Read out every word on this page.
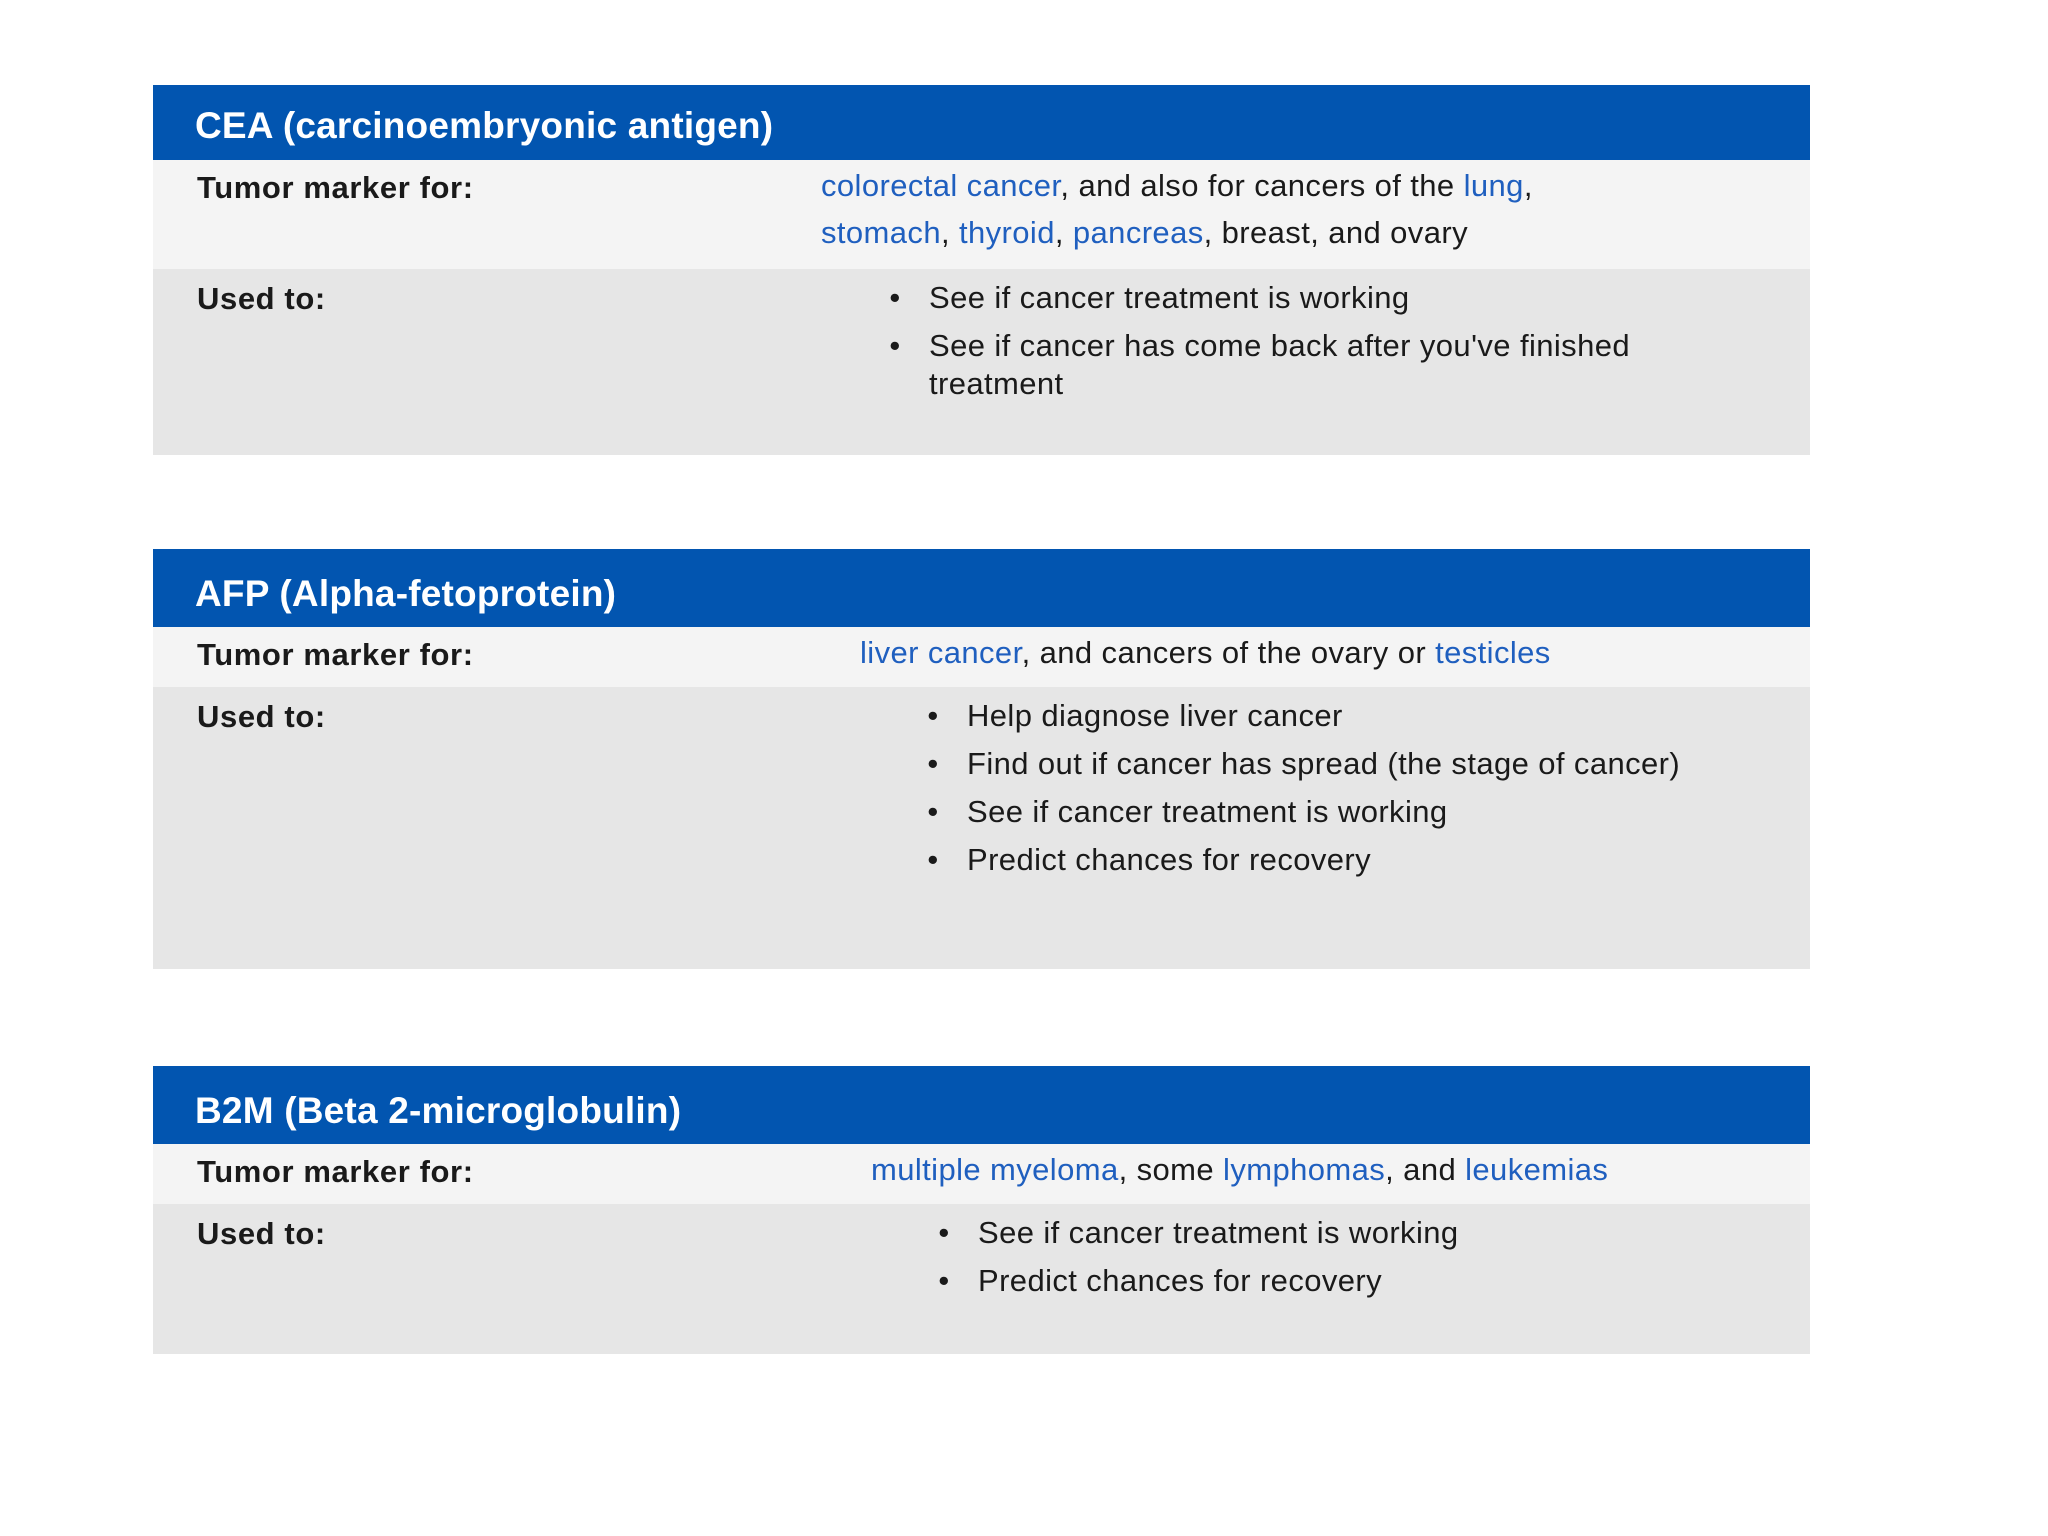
CEA (carcinoembryonic antigen)
Tumor marker for:	colorectal cancer, and also for cancers of the lung,
stomach, thyroid, pancreas, breast, and ovary
Used to:	• See if cancer treatment is working
• See if cancer has come back after you've finished treatment
AFP (Alpha-fetoprotein)
Tumor marker for:	liver cancer, and cancers of the ovary or testicles
Used to:	• Help diagnose liver cancer
• Find out if cancer has spread (the stage of cancer)
• See if cancer treatment is working
• Predict chances for recovery
B2M (Beta 2-microglobulin)
Tumor marker for:	multiple myeloma, some lymphomas, and leukemias
Used to:	• See if cancer treatment is working
• Predict chances for recovery
